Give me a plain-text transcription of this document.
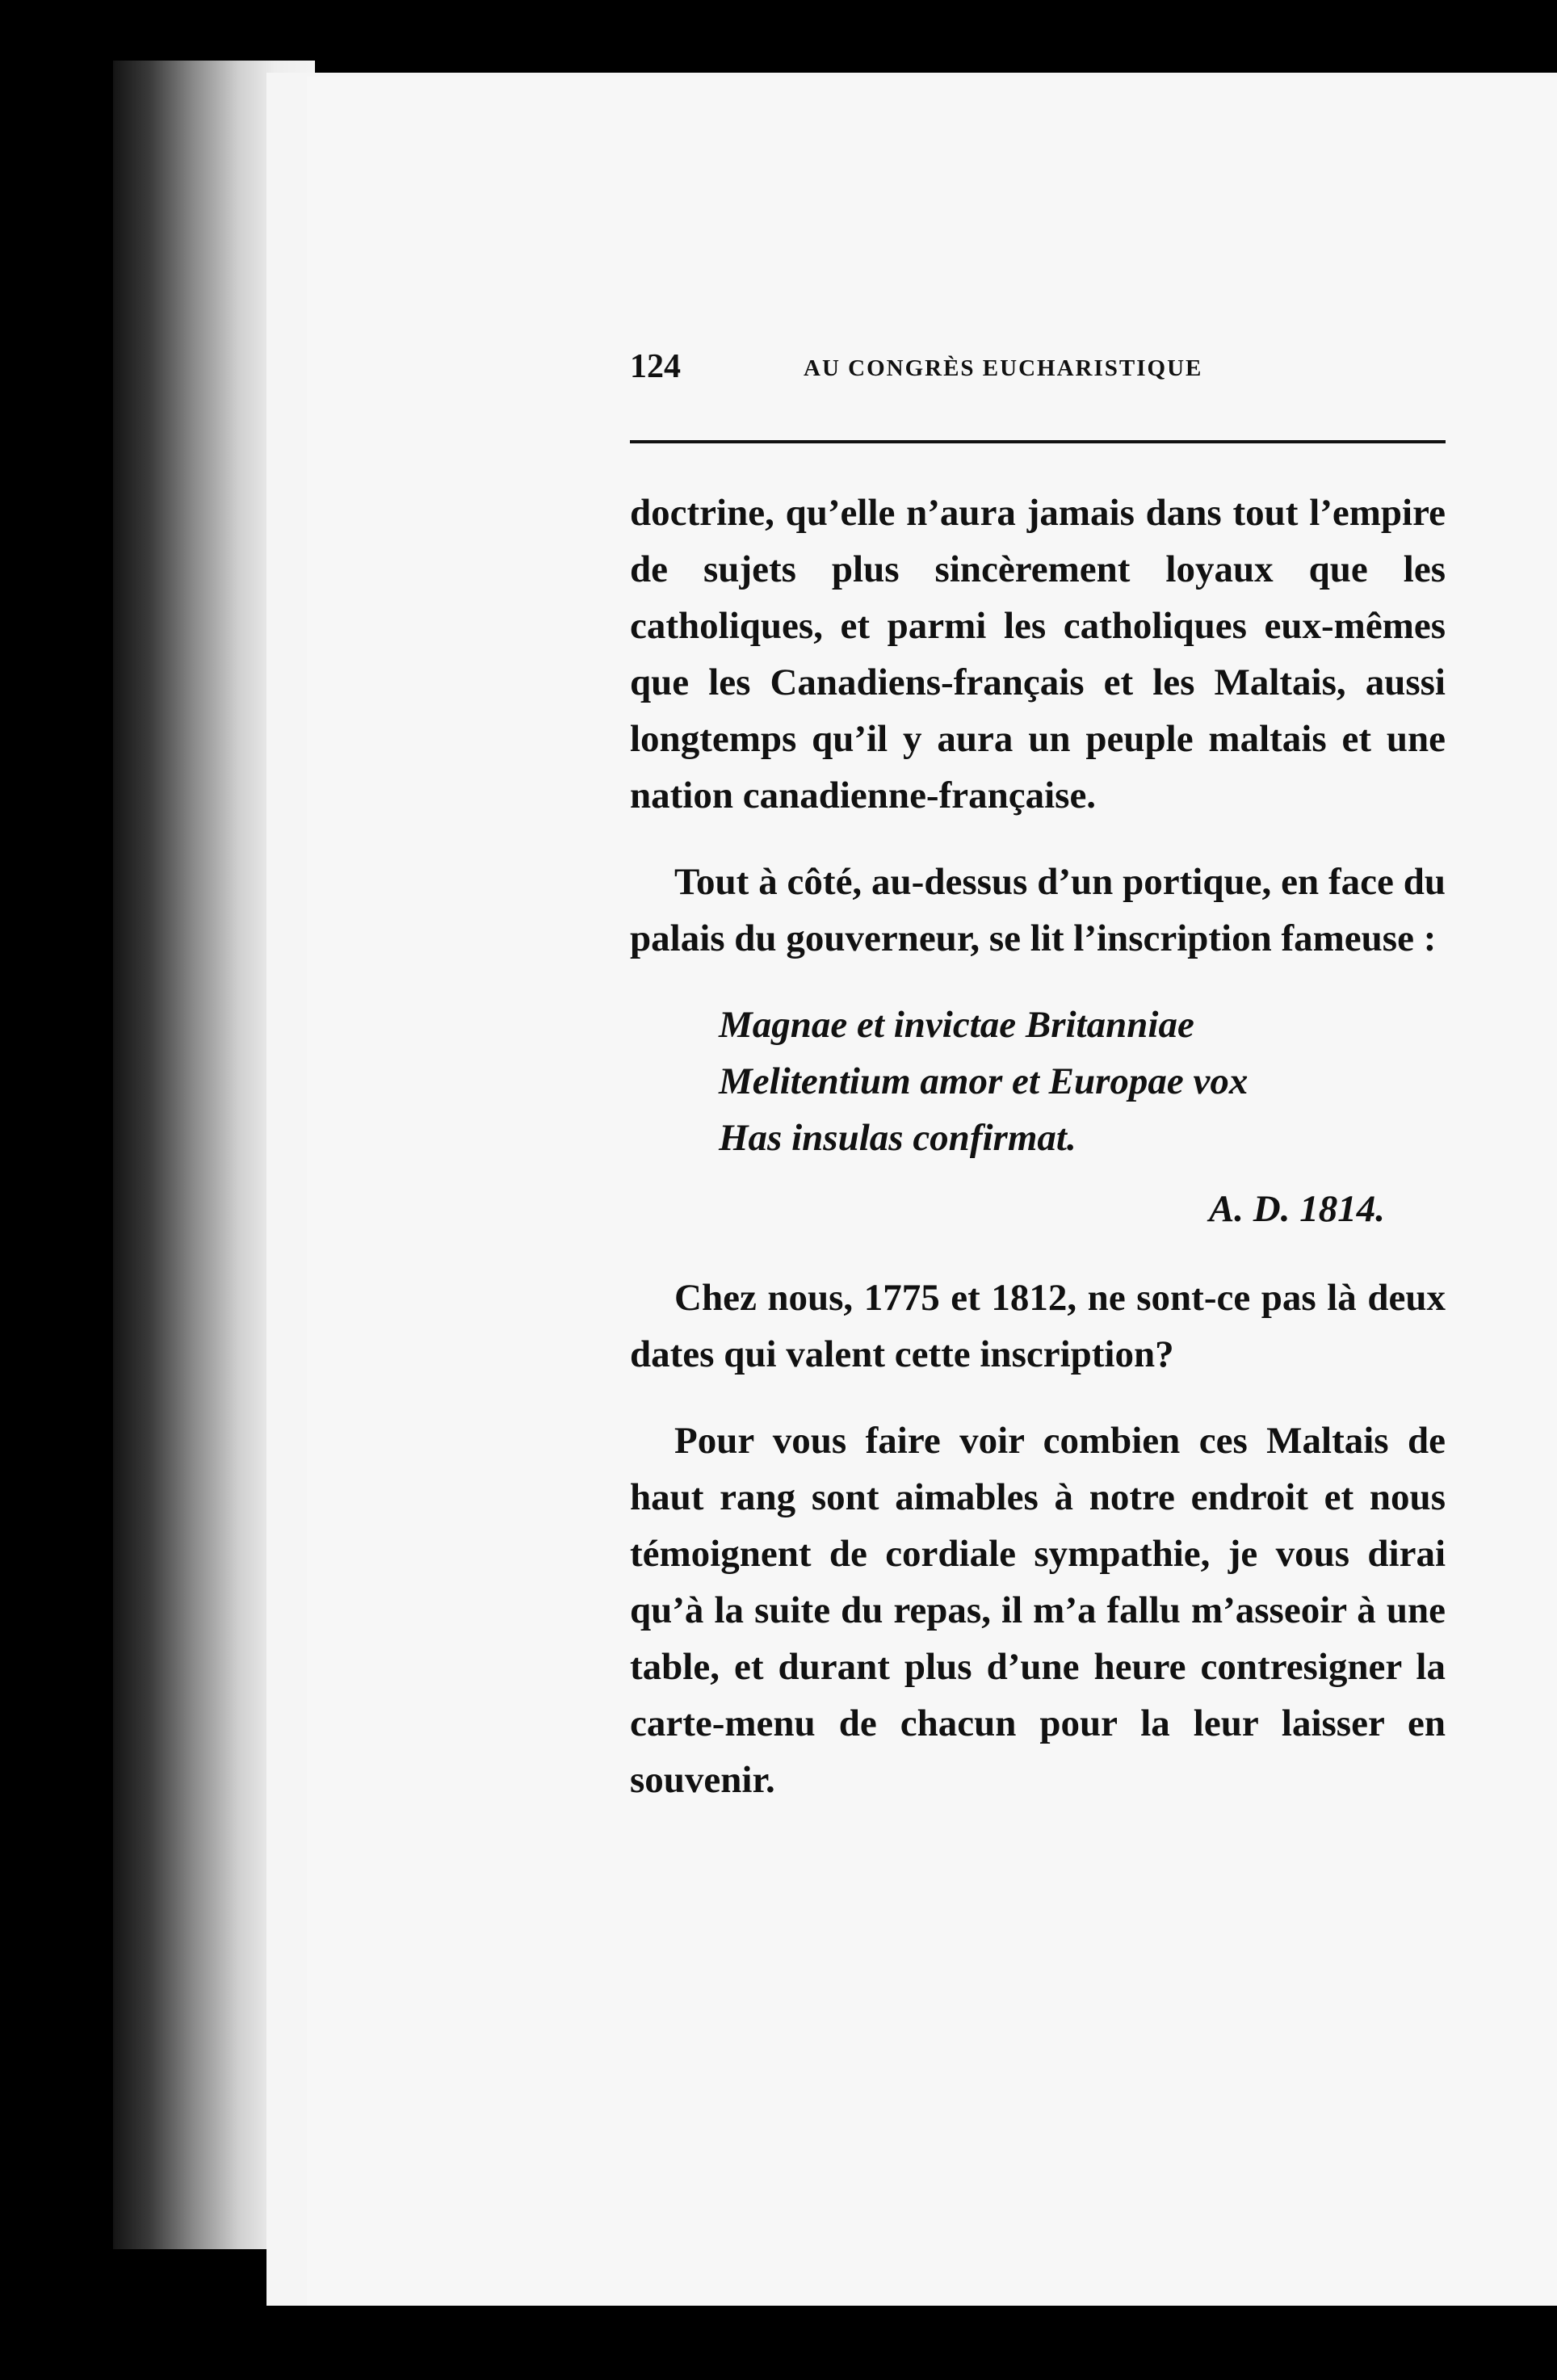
124	AU CONGRÈS EUCHARISTIQUE

doctrine, qu’elle n’aura jamais dans tout l’empire de sujets plus sincèrement loyaux que les catholiques, et parmi les catholiques eux-mêmes que les Canadiens-français et les Maltais, aussi longtemps qu’il y aura un peuple maltais et une nation canadienne-française.

Tout à côté, au-dessus d’un portique, en face du palais du gouverneur, se lit l’inscription fameuse :

Magnae et invictae Britanniae
Melitentium amor et Europae vox
Has insulas confirmat.
A. D. 1814.

Chez nous, 1775 et 1812, ne sont-ce pas là deux dates qui valent cette inscription?

Pour vous faire voir combien ces Maltais de haut rang sont aimables à notre endroit et nous témoignent de cordiale sympathie, je vous dirai qu’à la suite du repas, il m’a fallu m’asseoir à une table, et durant plus d’une heure contresigner la carte-menu de chacun pour la leur laisser en souvenir.
